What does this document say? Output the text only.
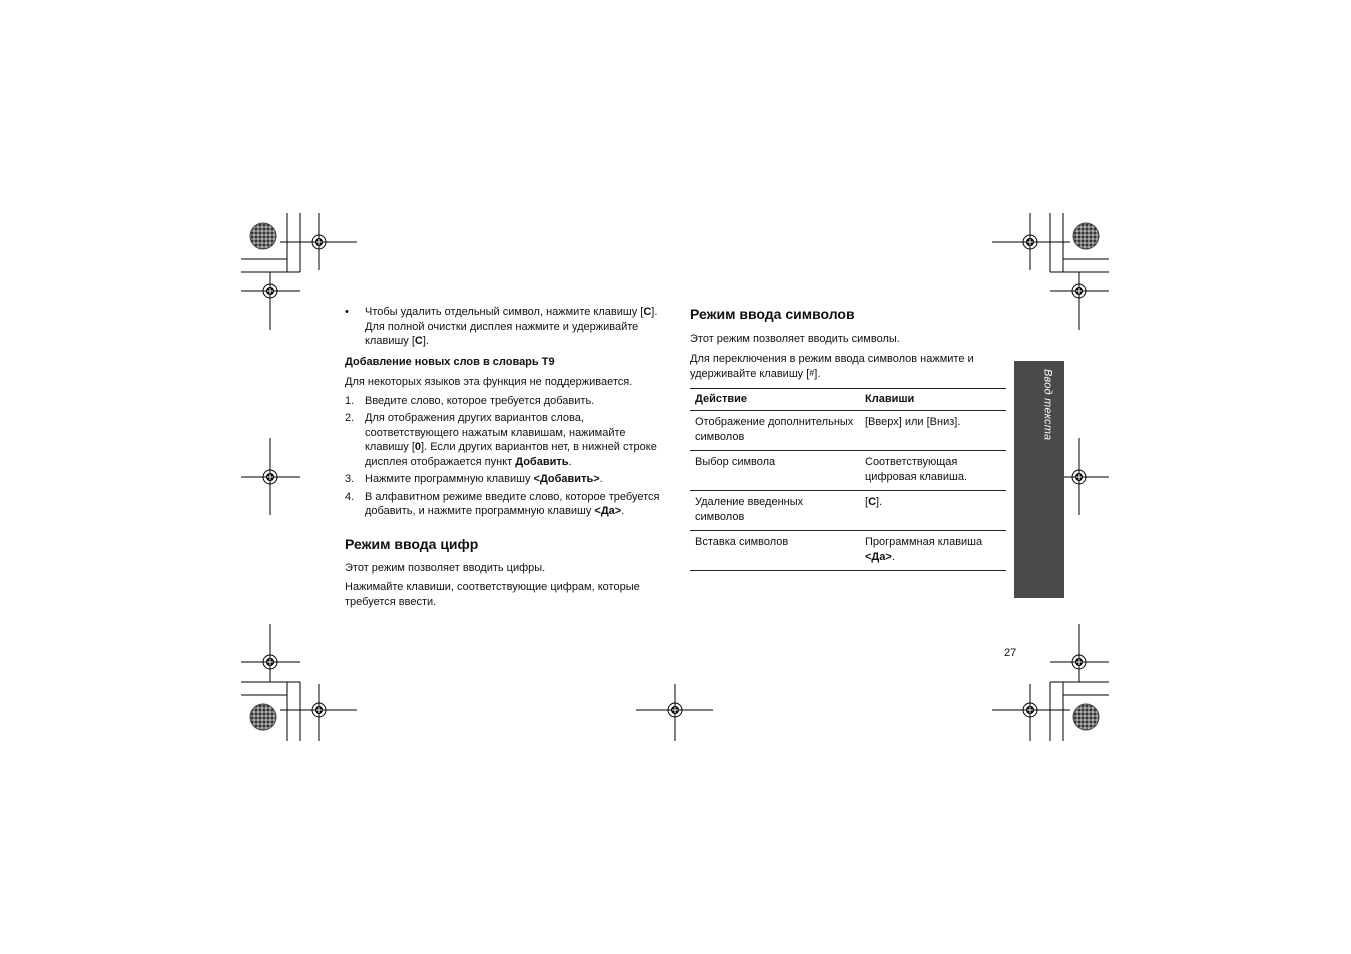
• Чтобы удалить отдельный символ, нажмите клавишу [C]. Для полной очистки дисплея нажмите и удерживайте клавишу [C].
Добавление новых слов в словарь Т9

Для некоторых языков эта функция не поддерживается.

1. Введите слово, которое требуется добавить.
2. Для отображения других вариантов слова, соответствующего нажатым клавишам, нажимайте клавишу [0]. Если других вариантов нет, в нижней строке дисплея отображается пункт Добавить.
3. Нажмите программную клавишу <Добавить>.
4. В алфавитном режиме введите слово, которое требуется добавить, и нажмите программную клавишу <Да>.
Режим ввода цифр

Этот режим позволяет вводить цифры.

Нажимайте клавиши, соответствующие цифрам, которые требуется ввести.

Режим ввода символов

Этот режим позволяет вводить символы.

Для переключения в режим ввода символов нажмите и удерживайте клавишу [#].

Действие	Клавиши
Отображение дополнительных символов	[Вверх] или [Вниз].
Выбор символа	Соответствующая цифровая клавиша.
Удаление введенных символов	[C].
Вставка символов	Программная клавиша <Да>.
Ввод текста
27
